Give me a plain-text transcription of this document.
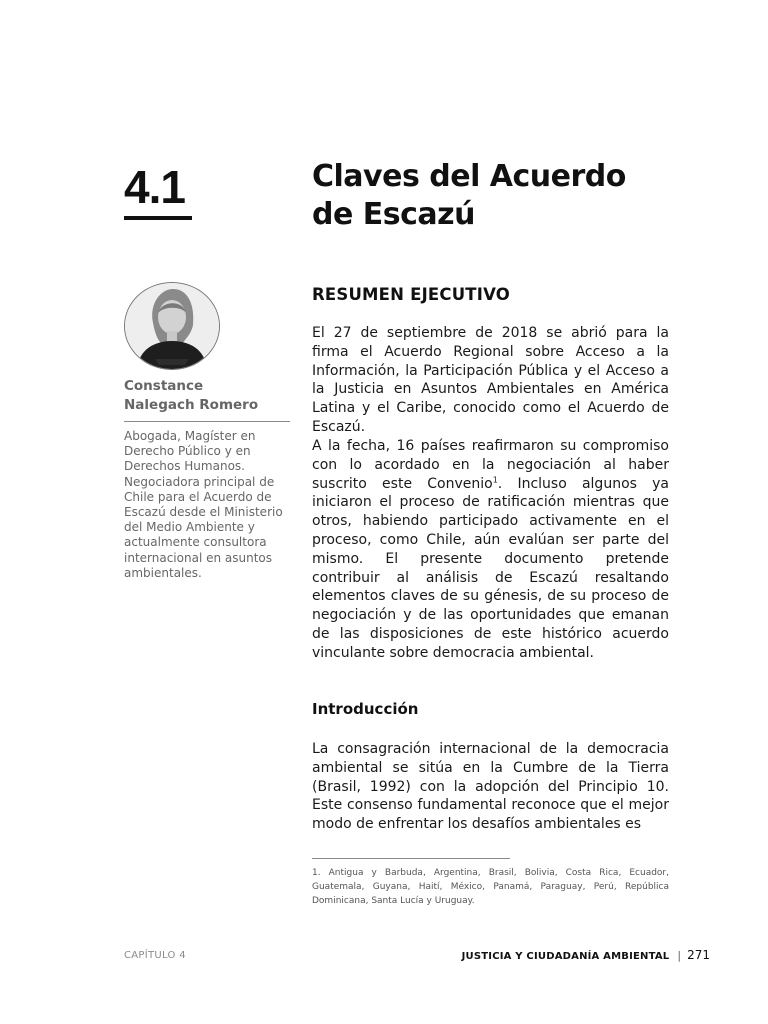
4.1	Claves del Acuerdo
de Escazú
Constance
Nalegach Romero
Abogada, Magíster en Derecho Público y en Derechos Humanos. Negociadora principal de Chile para el Acuerdo de Escazú desde el Ministerio del Medio Ambiente y actualmente consultora internacional en asuntos ambientales.
RESUMEN EJECUTIVO

El 27 de septiembre de 2018 se abrió para la firma el Acuerdo Regional sobre Acceso a la Información, la Participación Pública y el Acceso a la Justicia en Asuntos Ambientales en América Latina y el Caribe, conocido como el Acuerdo de Escazú.

A la fecha, 16 países reafirmaron su compromiso con lo acordado en la negociación al haber suscrito este Convenio$^1$. Incluso algunos ya iniciaron el proceso de ratificación mientras que otros, habiendo participado activamente en el proceso, como Chile, aún evalúan ser parte del mismo. El presente documento pretende contribuir al análisis de Escazú resaltando elementos claves de su génesis, de su proceso de negociación y de las oportunidades que emanan de las disposiciones de este histórico acuerdo vinculante sobre democracia ambiental.

Introducción

La consagración internacional de la democracia ambiental se sitúa en la Cumbre de la Tierra (Brasil, 1992) con la adopción del Principio 10. Este consenso fundamental reconoce que el mejor modo de enfrentar los desafíos ambientales es

1. Antigua y Barbuda, Argentina, Brasil, Bolivia, Costa Rica, Ecuador, Guatemala, Guyana, Haití, México, Panamá, Paraguay, Perú, República Dominicana, Santa Lucía y Uruguay.

CAPÍTULO 4	JUSTICIA Y CIUDADANÍA AMBIENTAL | 271
